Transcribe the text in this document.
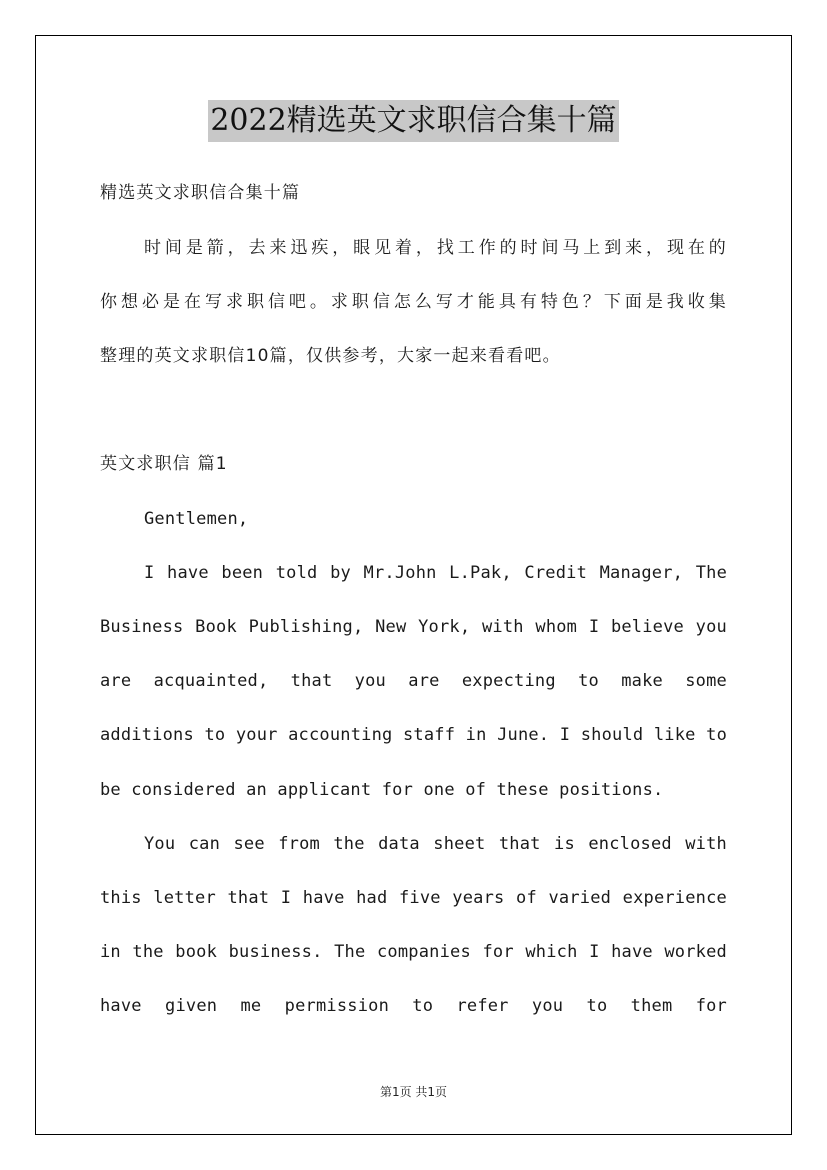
2022精选英文求职信合集十篇
精选英文求职信合集十篇
时间是箭，去来迅疾，眼见着，找工作的时间马上到来，现在的
你想必是在写求职信吧。求职信怎么写才能具有特色？下面是我收集
整理的英文求职信10篇，仅供参考，大家一起来看看吧。
英文求职信 篇1
Gentlemen,
I have been told by Mr.John L.Pak, Credit Manager, The
Business Book Publishing, New York, with whom I believe you
are acquainted, that you are expecting to make some
additions to your accounting staff in June. I should like to
be considered an applicant for one of these positions.
You can see from the data sheet that is enclosed with
this letter that I have had five years of varied experience
in the book business. The companies for which I have worked
have given me permission to refer you to them for
第1页 共1页
